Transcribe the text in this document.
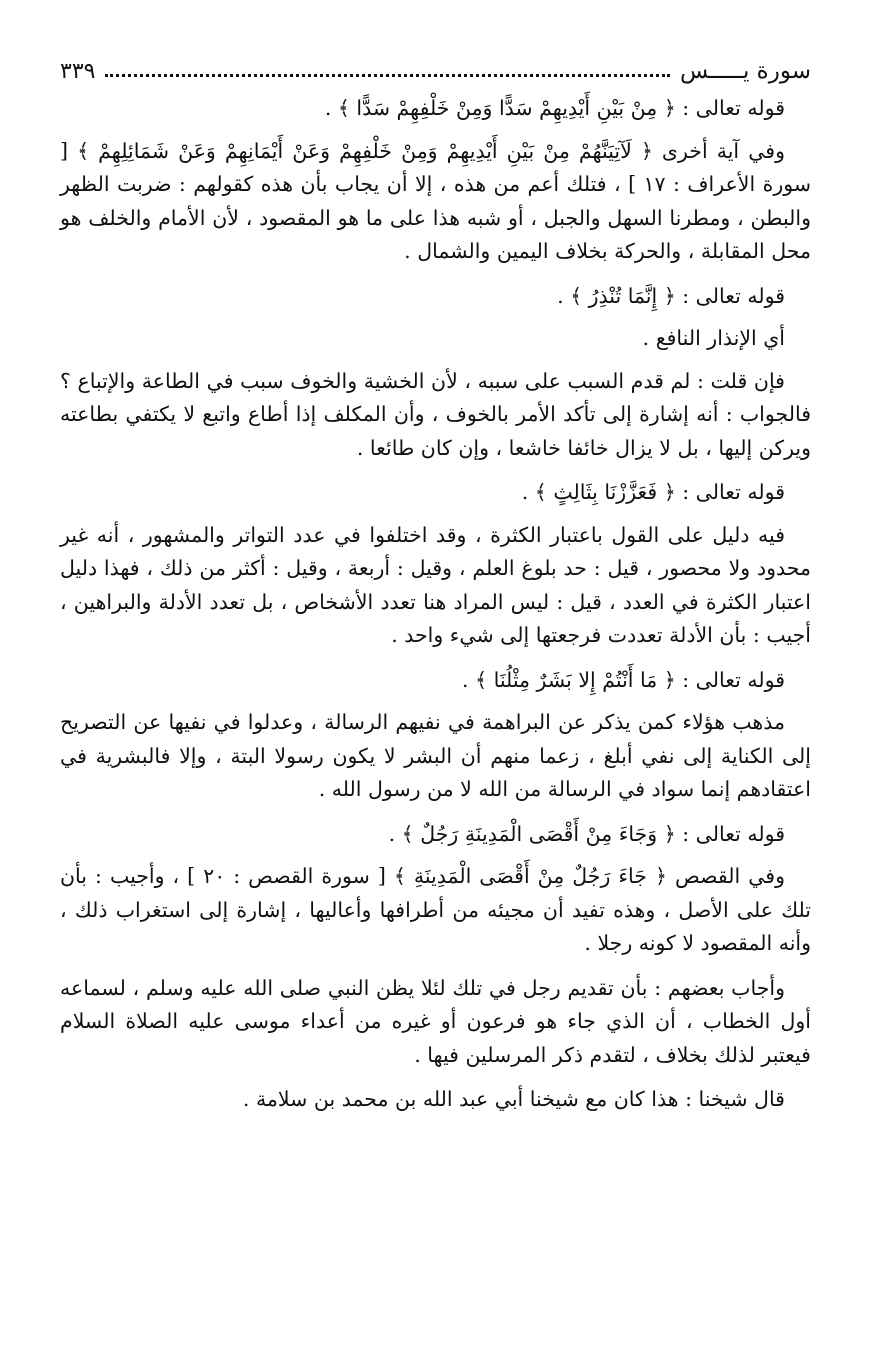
سورة يـــــس
٣٣٩

قوله تعالى : ﴿ مِنْ بَيْنِ أَيْدِيهِمْ سَدًّا وَمِنْ خَلْفِهِمْ سَدًّا ﴾ .

وفي آية أخرى ﴿ لَآتِيَنَّهُمْ مِنْ بَيْنِ أَيْدِيهِمْ وَمِنْ خَلْفِهِمْ وَعَنْ أَيْمَانِهِمْ وَعَنْ شَمَائِلِهِمْ ﴾ [ سورة الأعراف : ١٧ ] ، فتلك أعم من هذه ، إلا أن يجاب بأن هذه كقولهم : ضربت الظهر والبطن ، ومطرنا السهل والجبل ، أو شبه هذا على ما هو المقصود ، لأن الأمام والخلف هو محل المقابلة ، والحركة بخلاف اليمين والشمال .

قوله تعالى : ﴿ إِنَّمَا تُنْذِرُ ﴾ .

أي الإنذار النافع .

فإن قلت : لم قدم السبب على سببه ، لأن الخشية والخوف سبب في الطاعة والإتباع ؟ فالجواب : أنه إشارة إلى تأكد الأمر بالخوف ، وأن المكلف إذا أطاع واتبع لا يكتفي بطاعته ويركن إليها ، بل لا يزال خائفا خاشعا ، وإن كان طائعا .

قوله تعالى : ﴿ فَعَزَّزْنَا بِثَالِثٍ ﴾ .

فيه دليل على القول باعتبار الكثرة ، وقد اختلفوا في عدد التواتر والمشهور ، أنه غير محدود ولا محصور ، قيل : حد بلوغ العلم ، وقيل : أربعة ، وقيل : أكثر من ذلك ، فهذا دليل اعتبار الكثرة في العدد ، قيل : ليس المراد هنا تعدد الأشخاص ، بل تعدد الأدلة والبراهين ، أجيب : بأن الأدلة تعددت فرجعتها إلى شيء واحد .

قوله تعالى : ﴿ مَا أَنْتُمْ إِلا بَشَرٌ مِثْلُنَا ﴾ .

مذهب هؤلاء كمن يذكر عن البراهمة في نفيهم الرسالة ، وعدلوا في نفيها عن التصريح إلى الكناية إلى نفي أبلغ ، زعما منهم أن البشر لا يكون رسولا البتة ، وإلا فالبشرية في اعتقادهم إنما سواد في الرسالة من الله لا من رسول الله .

قوله تعالى : ﴿ وَجَاءَ مِنْ أَقْصَى الْمَدِينَةِ رَجُلٌ ﴾ .

وفي القصص ﴿ جَاءَ رَجُلٌ مِنْ أَقْصَى الْمَدِينَةِ ﴾ [ سورة القصص : ٢٠ ] ، وأجيب : بأن تلك على الأصل ، وهذه تفيد أن مجيئه من أطرافها وأعاليها ، إشارة إلى استغراب ذلك ، وأنه المقصود لا كونه رجلا .

وأجاب بعضهم : بأن تقديم رجل في تلك لئلا يظن النبي صلى الله عليه وسلم ، لسماعه أول الخطاب ، أن الذي جاء هو فرعون أو غيره من أعداء موسى عليه الصلاة السلام فيعتبر لذلك بخلاف ، لتقدم ذكر المرسلين فيها .

قال شيخنا : هذا كان مع شيخنا أبي عبد الله بن محمد بن سلامة .
